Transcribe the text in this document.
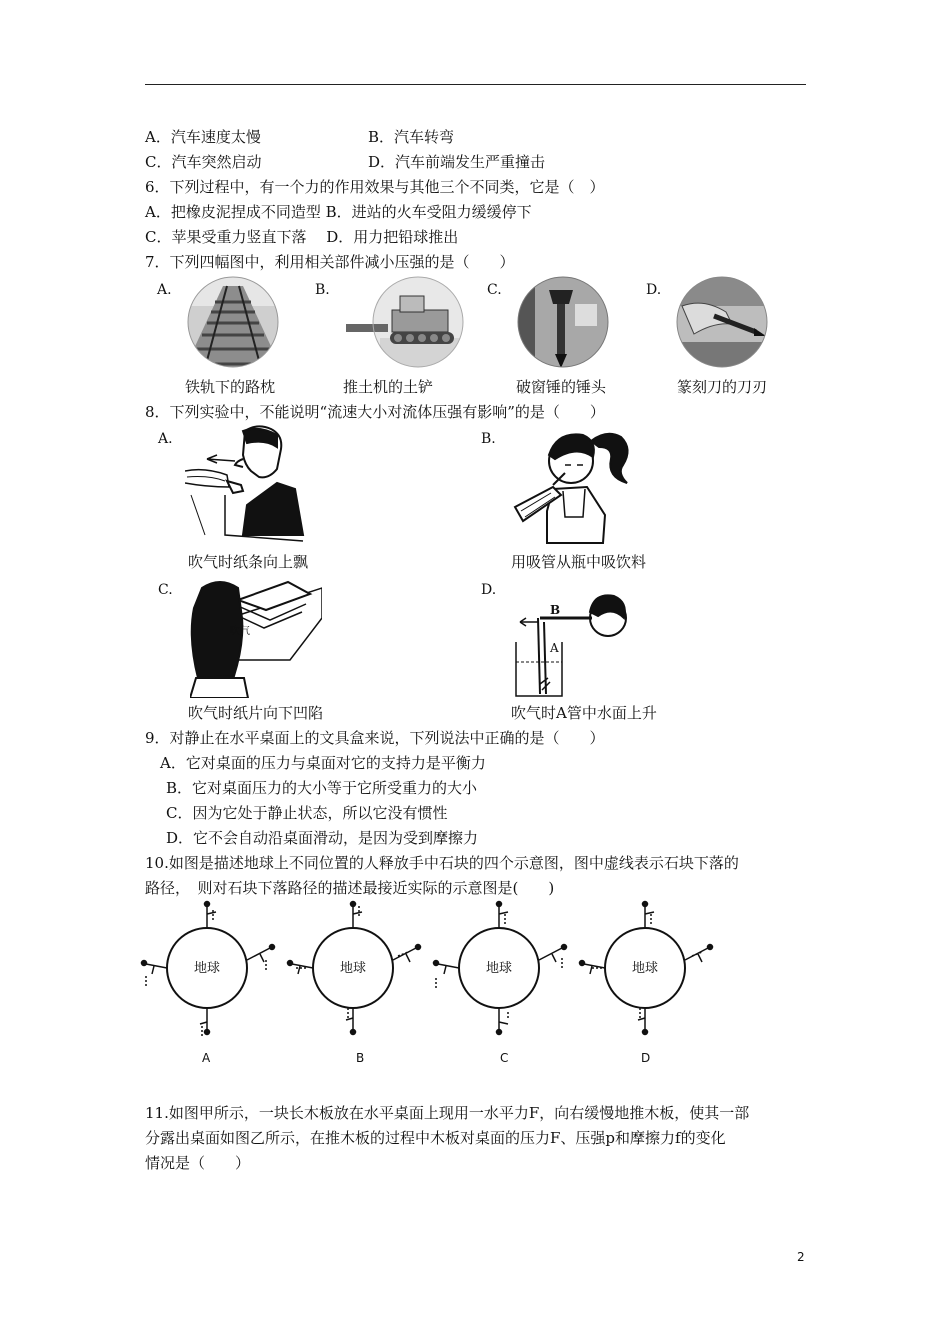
A．汽车速度太慢	B．汽车转弯
C．汽车突然启动	D．汽车前端发生严重撞击
6．下列过程中，有一个力的作用效果与其他三个不同类，它是（　）
A．把橡皮泥捏成不同造型 B．进站的火车受阻力缓缓停下
C．苹果受重力竖直下落　 D．用力把铅球推出
7．下列四幅图中，利用相关部件减小压强的是（　　）
A.	B.	C.	D.
铁轨下的路枕	推土机的土铲	破窗锤的锤头	篆刻刀的刀刃
8．下列实验中，不能说明“流速大小对流体压强有影响”的是（　　）
A.	B.
吹气时纸条向上飘	用吸管从瓶中吸饮料
C.	D.
吹气
B
A
吹气时纸片向下凹陷	吹气时A管中水面上升
9．对静止在水平桌面上的文具盒来说，下列说法中正确的是（　　）
A．它对桌面的压力与桌面对它的支持力是平衡力
B．它对桌面压力的大小等于它所受重力的大小
C．因为它处于静止状态，所以它没有惯性
D．它不会自动沿桌面滑动，是因为受到摩擦力
10.如图是描述地球上不同位置的人释放手中石块的四个示意图，图中虚线表示石块下落的
路径，　则对石块下落路径的描述最接近实际的示意图是(　　)
地球	地球	地球	地球
A	B	C	D
11.如图甲所示，一块长木板放在水平桌面上现用一水平力F，向右缓慢地推木板，使其一部
分露出桌面如图乙所示，在推木板的过程中木板对桌面的压力F、压强p和摩擦力f的变化
情况是（　　）
2
